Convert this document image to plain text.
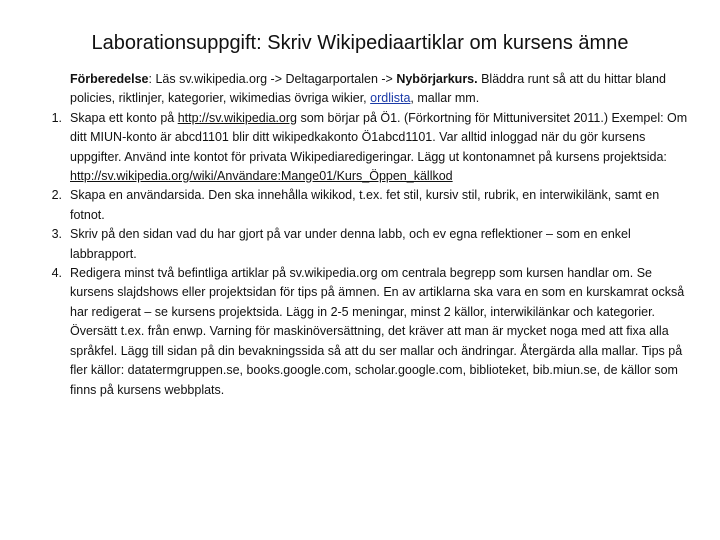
Laborationsuppgift: Skriv Wikipediaartiklar om kursens ämne
Förberedelse: Läs sv.wikipedia.org -> Deltagarportalen -> Nybörjarkurs. Bläddra runt så att du hittar bland policies, riktlinjer, kategorier, wikimedias övriga wikier, ordlista, mallar mm.
1. Skapa ett konto på http://sv.wikipedia.org som börjar på Ö1. (Förkortning för Mittuniversitet 2011.) Exempel: Om ditt MIUN-konto är abcd1101 blir ditt wikipedkakonto Ö1abcd1101. Var alltid inloggad när du gör kursens uppgifter. Använd inte kontot för privata Wikipediaredigeringar. Lägg ut kontonamnet på kursens projektsida: http://sv.wikipedia.org/wiki/Användare:Mange01/Kurs_Öppen_källkod
2. Skapa en användarsida. Den ska innehålla wikikod, t.ex. fet stil, kursiv stil, rubrik, en interwikilänk, samt en fotnot.
3. Skriv på den sidan vad du har gjort på var under denna labb, och ev egna reflektioner – som en enkel labbrapport.
4. Redigera minst två befintliga artiklar på sv.wikipedia.org om centrala begrepp som kursen handlar om. Se kursens slajdshows eller projektsidan för tips på ämnen. En av artiklarna ska vara en som en kurskamrat också har redigerat – se kursens projektsida. Lägg in 2-5 meningar, minst 2 källor, interwikilänkar och kategorier. Översätt t.ex. från enwp. Varning för maskinöversättning, det kräver att man är mycket noga med att fixa alla språkfel. Lägg till sidan på din bevakningssida så att du ser mallar och ändringar. Återgärda alla mallar. Tips på fler källor: datatermgruppen.se, books.google.com, scholar.google.com, biblioteket, bib.miun.se, de källor som finns på kursens webbplats.
